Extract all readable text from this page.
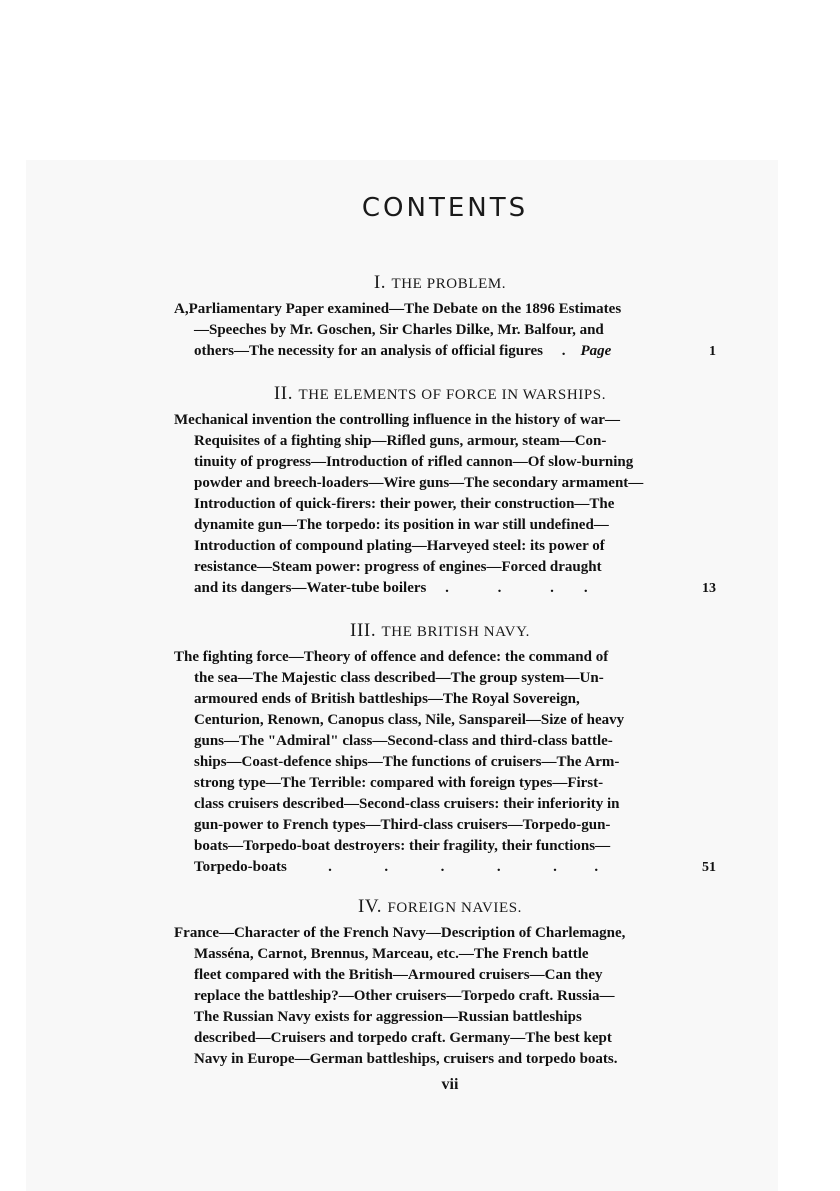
CONTENTS
I. THE PROBLEM.
A,Parliamentary Paper examined—The Debate on the 1896 Estimates
—Speeches by Mr. Goschen, Sir Charles Dilke, Mr. Balfour, and
others—The necessity for an analysis of official figures     .    Page	1
II. THE ELEMENTS OF FORCE IN WARSHIPS.
Mechanical invention the controlling influence in the history of war—
Requisites of a fighting ship—Rifled guns, armour, steam—Con-
tinuity of progress—Introduction of rifled cannon—Of slow-burning
powder and breech-loaders—Wire guns—The secondary armament—
Introduction of quick-firers: their power, their construction—The
dynamite gun—The torpedo: its position in war still undefined—
Introduction of compound plating—Harveyed steel: its power of
resistance—Steam power: progress of engines—Forced draught
and its dangers—Water-tube boilers     .             .             .        .	13
III. THE BRITISH NAVY.
The fighting force—Theory of offence and defence: the command of
the sea—The Majestic class described—The group system—Un-
armoured ends of British battleships—The Royal Sovereign,
Centurion, Renown, Canopus class, Nile, Sanspareil—Size of heavy
guns—The "Admiral" class—Second-class and third-class battle-
ships—Coast-defence ships—The functions of cruisers—The Arm-
strong type—The Terrible: compared with foreign types—First-
class cruisers described—Second-class cruisers: their inferiority in
gun-power to French types—Third-class cruisers—Torpedo-gun-
boats—Torpedo-boat destroyers: their fragility, their functions—
Torpedo-boats           .              .              .              .              .          .	51
IV. FOREIGN NAVIES.
France—Character of the French Navy—Description of Charlemagne,
Masséna, Carnot, Brennus, Marceau, etc.—The French battle
fleet compared with the British—Armoured cruisers—Can they
replace the battleship?—Other cruisers—Torpedo craft. Russia—
The Russian Navy exists for aggression—Russian battleships
described—Cruisers and torpedo craft. Germany—The best kept
Navy in Europe—German battleships, cruisers and torpedo boats.
vii
